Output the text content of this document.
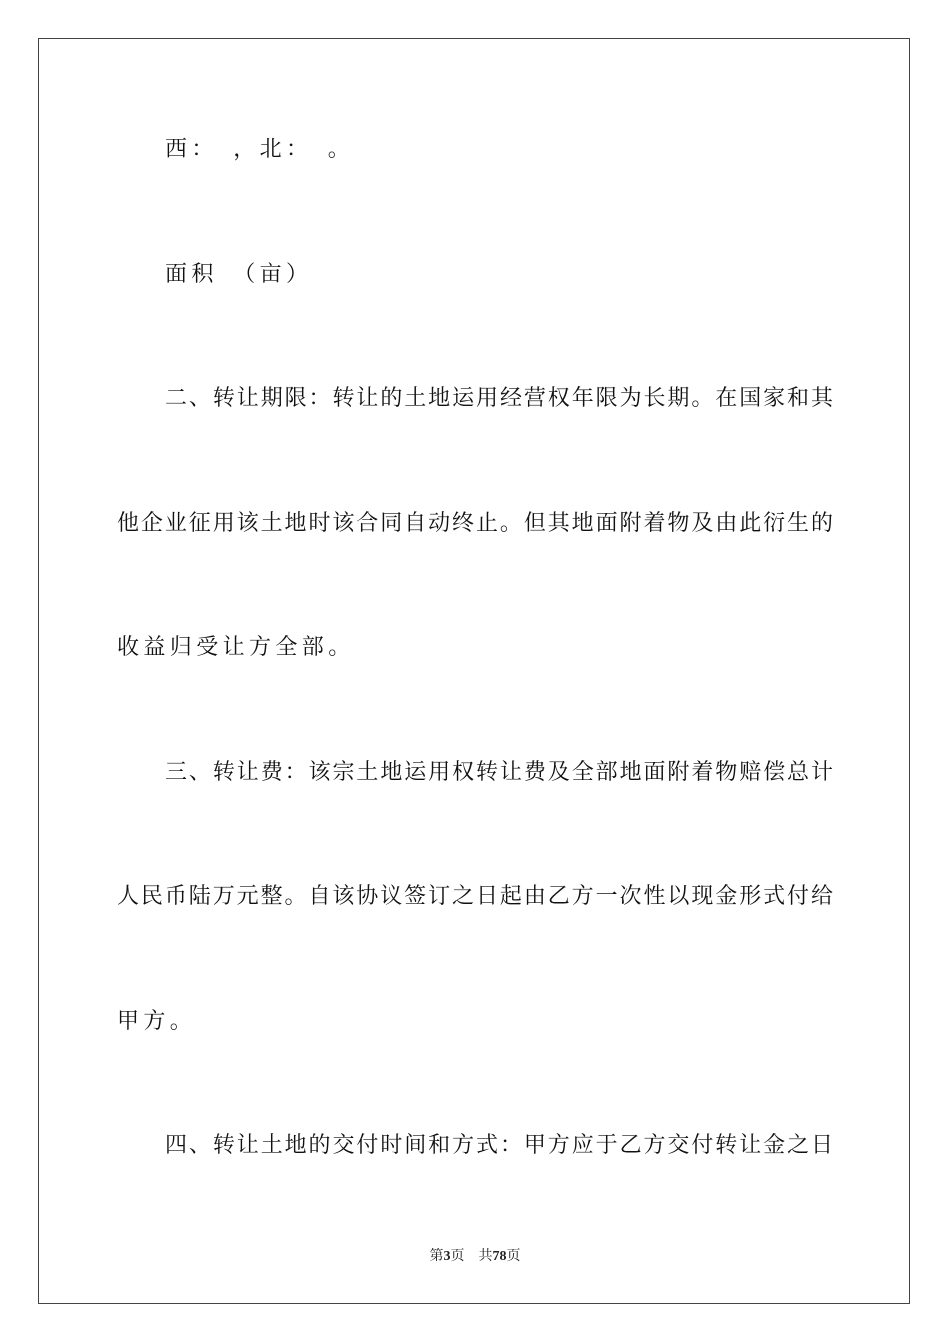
西：　，北：　。
面积　（亩）
二、转让期限：转让的土地运用经营权年限为长期。在国家和其
他企业征用该土地时该合同自动终止。但其地面附着物及由此衍生的
收益归受让方全部。
三、转让费：该宗土地运用权转让费及全部地面附着物赔偿总计
人民币陆万元整。自该协议签订之日起由乙方一次性以现金形式付给
甲方。
四、转让土地的交付时间和方式：甲方应于乙方交付转让金之日
第3页 共78页
